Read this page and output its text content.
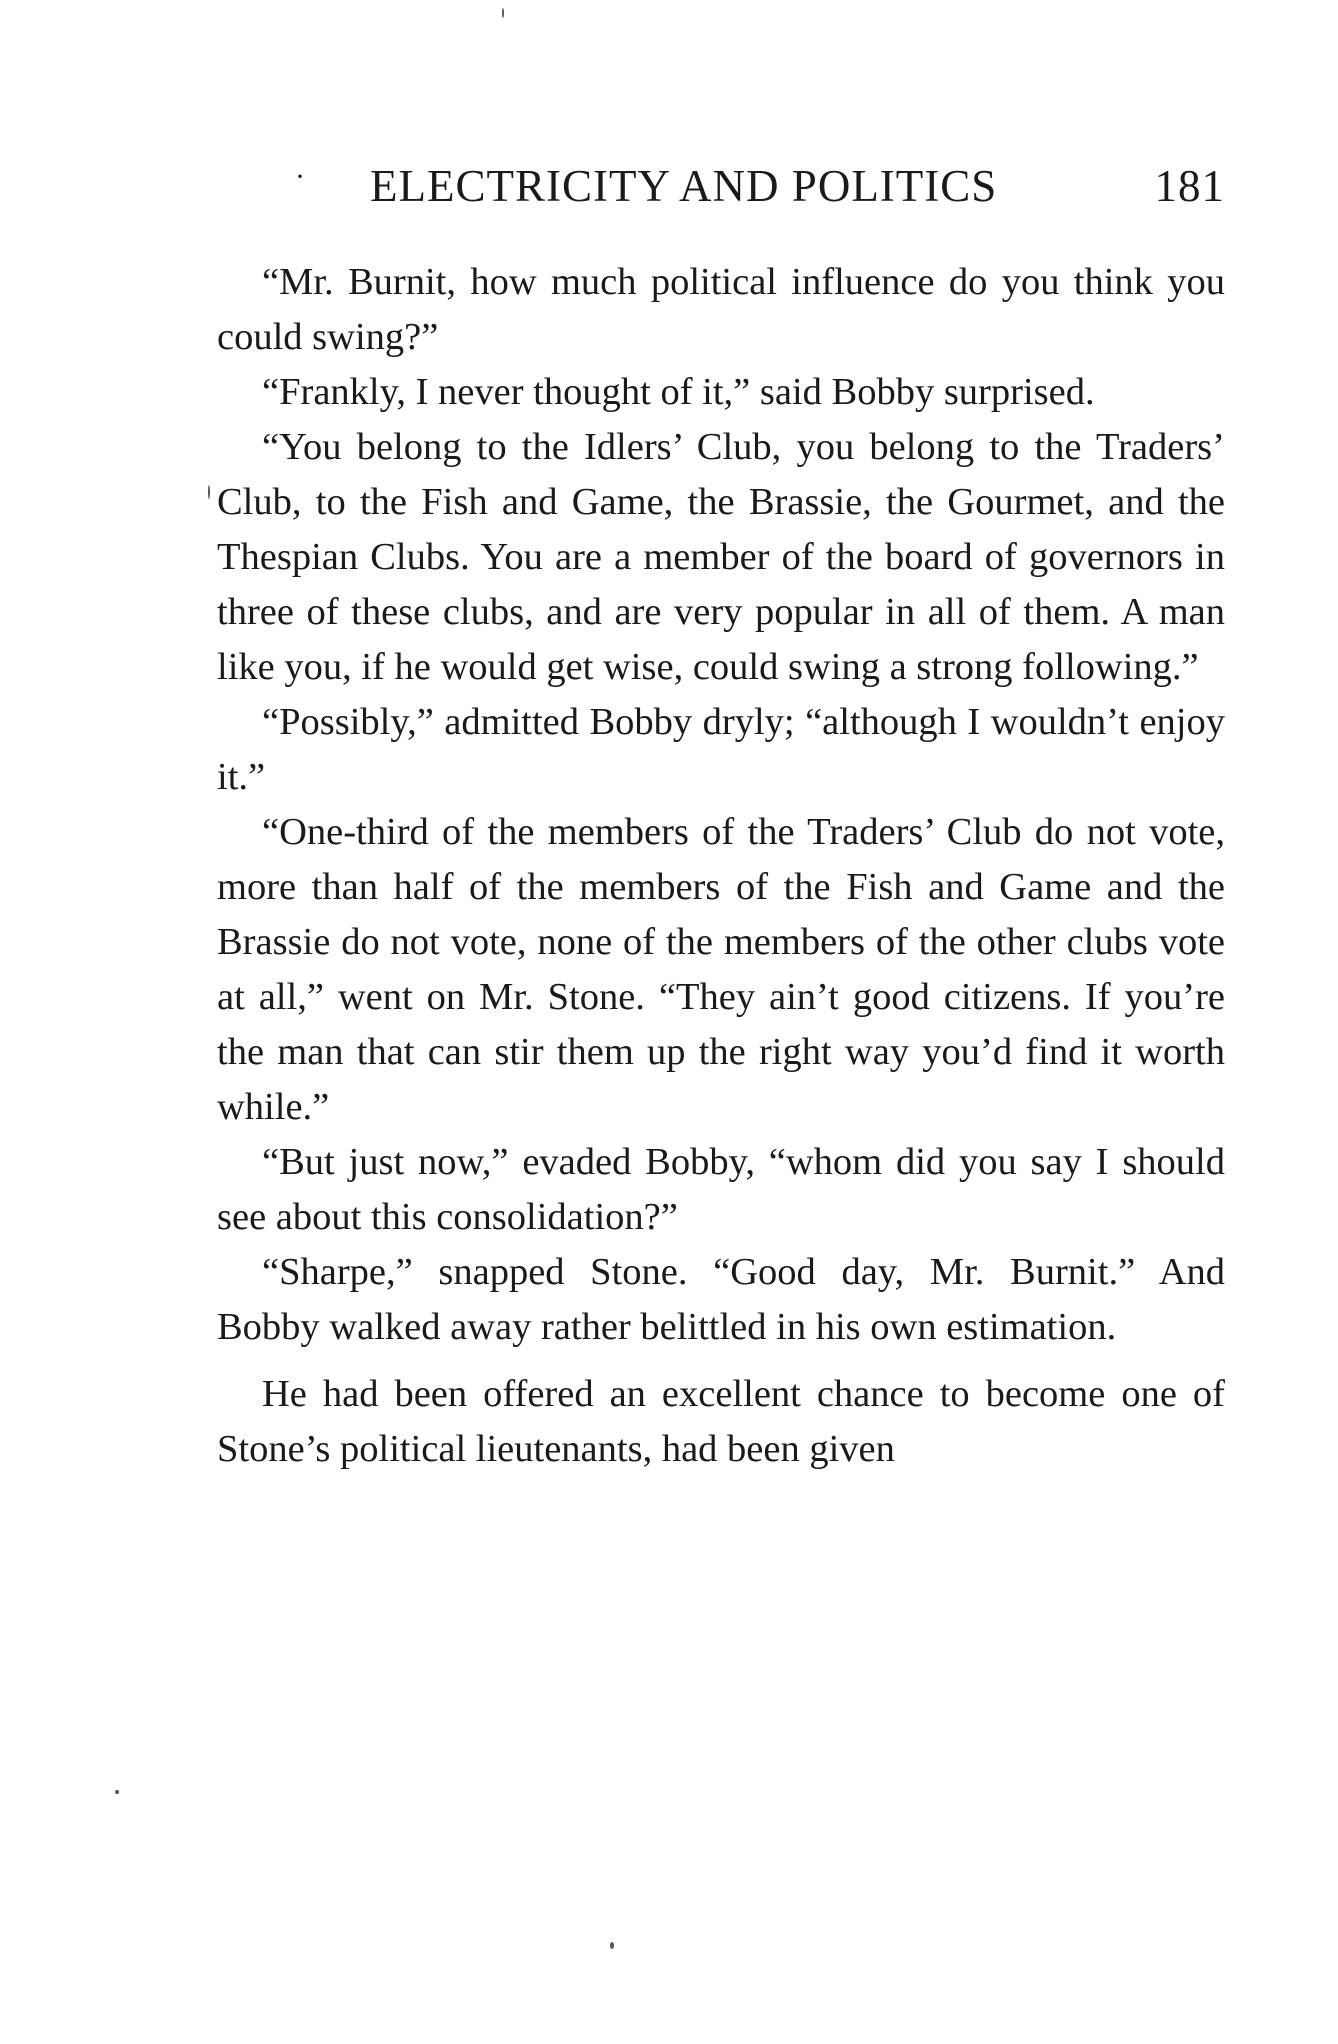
· ELECTRICITY AND POLITICS	181

“Mr. Burnit, how much political influence do you think you could swing?”

“Frankly, I never thought of it,” said Bobby surprised.

“You belong to the Idlers’ Club, you belong to the Traders’ Club, to the Fish and Game, the Brassie, the Gourmet, and the Thespian Clubs. You are a member of the board of governors in three of these clubs, and are very popular in all of them. A man like you, if he would get wise, could swing a strong following.”

“Possibly,” admitted Bobby dryly; “although I wouldn’t enjoy it.”

“One-third of the members of the Traders’ Club do not vote, more than half of the members of the Fish and Game and the Brassie do not vote, none of the members of the other clubs vote at all,” went on Mr. Stone. “They ain’t good citizens. If you’re the man that can stir them up the right way you’d find it worth while.”

“But just now,” evaded Bobby, “whom did you say I should see about this consolidation?”

“Sharpe,” snapped Stone. “Good day, Mr. Burnit.” And Bobby walked away rather belittled in his own estimation.

He had been offered an excellent chance to become one of Stone’s political lieutenants, had been given
